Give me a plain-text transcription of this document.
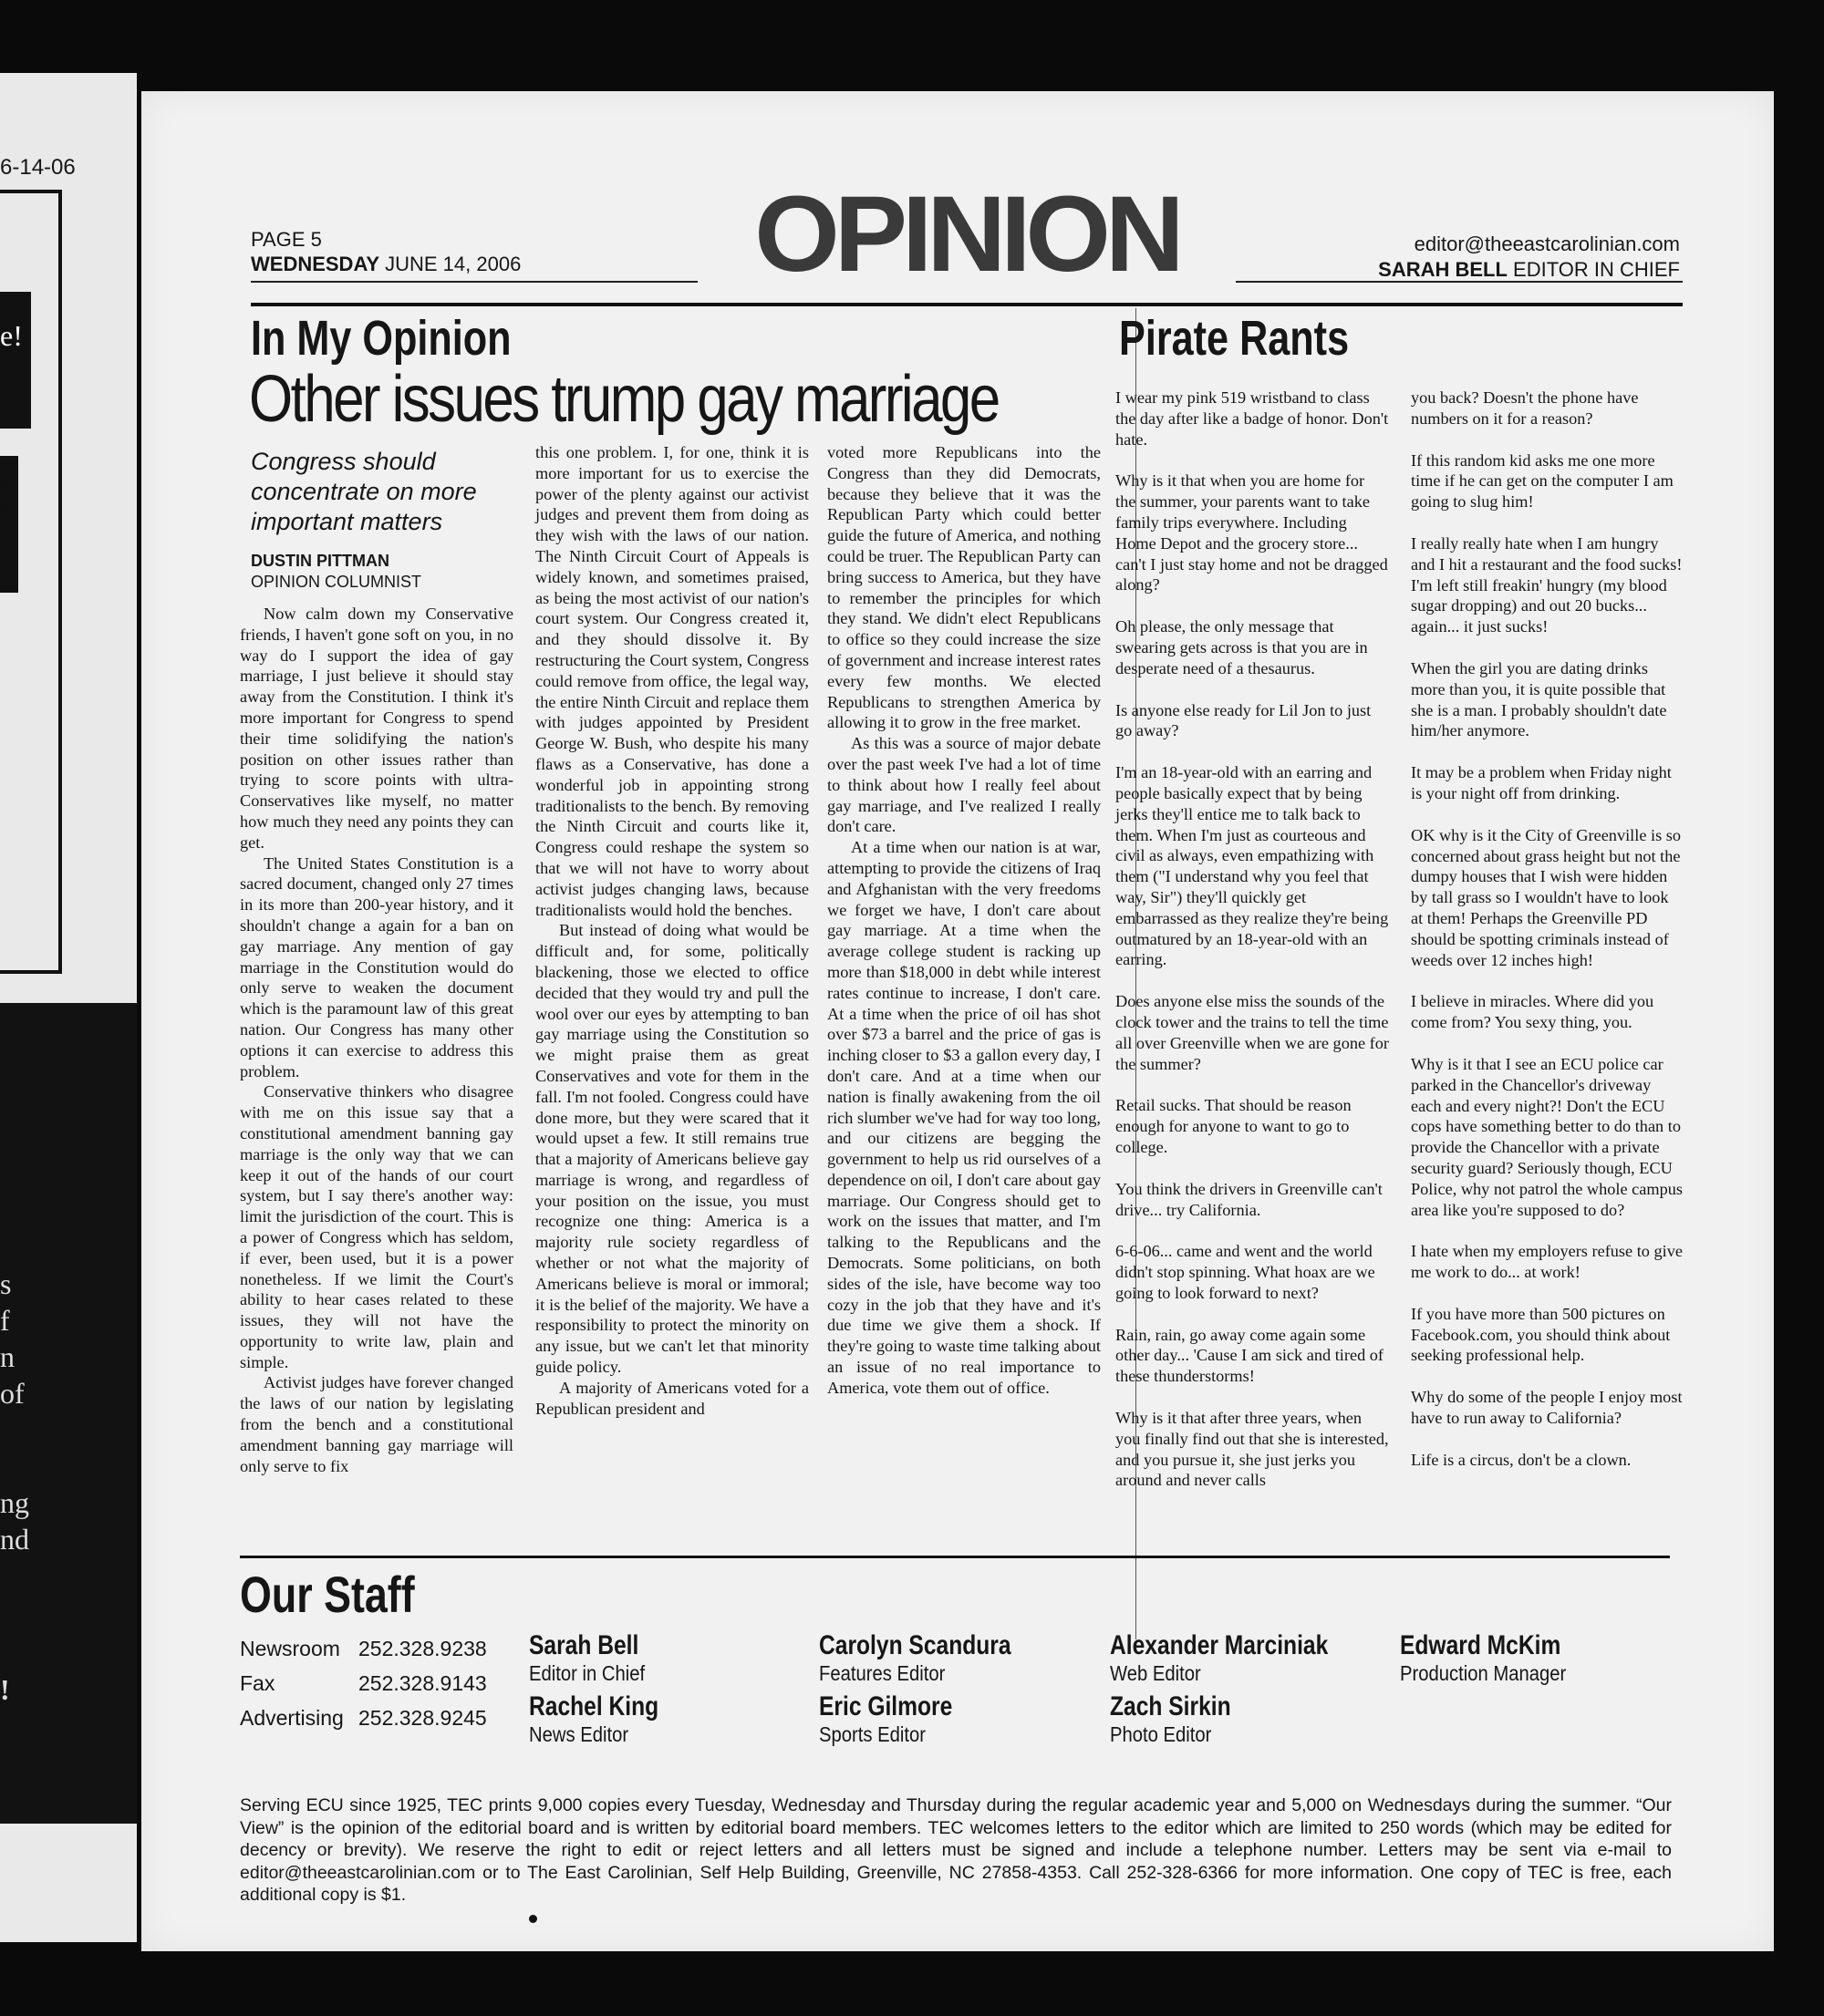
6-14-06
e!
s
s
s
f
n
of
ng
nd
!
PAGE 5
WEDNESDAY JUNE 14, 2006	OPINION	editor@theeastcarolinian.com
SARAH BELL EDITOR IN CHIEF
In My Opinion
Other issues trump gay marriage
Congress should concentrate on more important matters
DUSTIN PITTMAN
OPINION COLUMNIST

Now calm down my Conservative friends, I haven't gone soft on you, in no way do I support the idea of gay marriage, I just believe it should stay away from the Constitution. I think it's more important for Congress to spend their time solidifying the nation's position on other issues rather than trying to score points with ultra-Conservatives like myself, no matter how much they need any points they can get.

The United States Constitution is a sacred document, changed only 27 times in its more than 200-year history, and it shouldn't change a again for a ban on gay marriage. Any mention of gay marriage in the Constitution would do only serve to weaken the document which is the paramount law of this great nation. Our Congress has many other options it can exercise to address this problem.

Conservative thinkers who disagree with me on this issue say that a constitutional amendment banning gay marriage is the only way that we can keep it out of the hands of our court system, but I say there's another way: limit the jurisdiction of the court. This is a power of Congress which has seldom, if ever, been used, but it is a power nonetheless. If we limit the Court's ability to hear cases related to these issues, they will not have the opportunity to write law, plain and simple.

Activist judges have forever changed the laws of our nation by legislating from the bench and a constitutional amendment banning gay marriage will only serve to fix

this one problem. I, for one, think it is more important for us to exercise the power of the plenty against our activist judges and prevent them from doing as they wish with the laws of our nation. The Ninth Circuit Court of Appeals is widely known, and sometimes praised, as being the most activist of our nation's court system. Our Congress created it, and they should dissolve it. By restructuring the Court system, Congress could remove from office, the legal way, the entire Ninth Circuit and replace them with judges appointed by President George W. Bush, who despite his many flaws as a Conservative, has done a wonderful job in appointing strong traditionalists to the bench. By removing the Ninth Circuit and courts like it, Congress could reshape the system so that we will not have to worry about activist judges changing laws, because traditionalists would hold the benches.

But instead of doing what would be difficult and, for some, politically blackening, those we elected to office decided that they would try and pull the wool over our eyes by attempting to ban gay marriage using the Constitution so we might praise them as great Conservatives and vote for them in the fall. I'm not fooled. Congress could have done more, but they were scared that it would upset a few. It still remains true that a majority of Americans believe gay marriage is wrong, and regardless of your position on the issue, you must recognize one thing: America is a majority rule society regardless of whether or not what the majority of Americans believe is moral or immoral; it is the belief of the majority. We have a responsibility to protect the minority on any issue, but we can't let that minority guide policy.

A majority of Americans voted for a Republican president and

voted more Republicans into the Congress than they did Democrats, because they believe that it was the Republican Party which could better guide the future of America, and nothing could be truer. The Republican Party can bring success to America, but they have to remember the principles for which they stand. We didn't elect Republicans to office so they could increase the size of government and increase interest rates every few months. We elected Republicans to strengthen America by allowing it to grow in the free market.

As this was a source of major debate over the past week I've had a lot of time to think about how I really feel about gay marriage, and I've realized I really don't care.

At a time when our nation is at war, attempting to provide the citizens of Iraq and Afghanistan with the very freedoms we forget we have, I don't care about gay marriage. At a time when the average college student is racking up more than $18,000 in debt while interest rates continue to increase, I don't care. At a time when the price of oil has shot over $73 a barrel and the price of gas is inching closer to $3 a gallon every day, I don't care. And at a time when our nation is finally awakening from the oil rich slumber we've had for way too long, and our citizens are begging the government to help us rid ourselves of a dependence on oil, I don't care about gay marriage. Our Congress should get to work on the issues that matter, and I'm talking to the Republicans and the Democrats. Some politicians, on both sides of the isle, have become way too cozy in the job that they have and it's due time we give them a shock. If they're going to waste time talking about an issue of no real importance to America, vote them out of office.

Pirate Rants

I wear my pink 519 wristband to class the day after like a badge of honor. Don't hate.

Why is it that when you are home for the summer, your parents want to take family trips everywhere. Including Home Depot and the grocery store... can't I just stay home and not be dragged along?

Oh please, the only message that swearing gets across is that you are in desperate need of a thesaurus.

Is anyone else ready for Lil Jon to just go away?

I'm an 18-year-old with an earring and people basically expect that by being jerks they'll entice me to talk back to them. When I'm just as courteous and civil as always, even empathizing with them ("I understand why you feel that way, Sir") they'll quickly get embarrassed as they realize they're being outmatured by an 18-year-old with an earring.

Does anyone else miss the sounds of the clock tower and the trains to tell the time all over Greenville when we are gone for the summer?

Retail sucks. That should be reason enough for anyone to want to go to college.

You think the drivers in Greenville can't drive... try California.

6-6-06... came and went and the world didn't stop spinning. What hoax are we going to look forward to next?

Rain, rain, go away come again some other day... 'Cause I am sick and tired of these thunderstorms!

Why is it that after three years, when you finally find out that she is interested, and you pursue it, she just jerks you around and never calls

you back? Doesn't the phone have numbers on it for a reason?

If this random kid asks me one more time if he can get on the computer I am going to slug him!

I really really hate when I am hungry and I hit a restaurant and the food sucks! I'm left still freakin' hungry (my blood sugar dropping) and out 20 bucks... again... it just sucks!

When the girl you are dating drinks more than you, it is quite possible that she is a man. I probably shouldn't date him/her anymore.

It may be a problem when Friday night is your night off from drinking.

OK why is it the City of Greenville is so concerned about grass height but not the dumpy houses that I wish were hidden by tall grass so I wouldn't have to look at them! Perhaps the Greenville PD should be spotting criminals instead of weeds over 12 inches high!

I believe in miracles. Where did you come from? You sexy thing, you.

Why is it that I see an ECU police car parked in the Chancellor's driveway each and every night?! Don't the ECU cops have something better to do than to provide the Chancellor with a private security guard? Seriously though, ECU Police, why not patrol the whole campus area like you're supposed to do?

I hate when my employers refuse to give me work to do... at work!

If you have more than 500 pictures on Facebook.com, you should think about seeking professional help.

Why do some of the people I enjoy most have to run away to California?

Life is a circus, don't be a clown.

Our Staff
Newsroom 252.328.9238
Fax	252.328.9143
Advertising 252.328.9245
Sarah Bell
Editor in Chief
Rachel King
News Editor
Carolyn Scandura
Features Editor
Eric Gilmore
Sports Editor
Alexander Marciniak
Web Editor
Zach Sirkin
Photo Editor
Edward McKim
Production Manager
Serving ECU since 1925, TEC prints 9,000 copies every Tuesday, Wednesday and Thursday during the regular academic year and 5,000 on Wednesdays during the summer. “Our View” is the opinion of the editorial board and is written by editorial board members. TEC welcomes letters to the editor which are limited to 250 words (which may be edited for decency or brevity). We reserve the right to edit or reject letters and all letters must be signed and include a telephone number. Letters may be sent via e-mail to editor@theeastcarolinian.com or to The East Carolinian, Self Help Building, Greenville, NC 27858-4353. Call 252-328-6366 for more information. One copy of TEC is free, each additional copy is $1.
